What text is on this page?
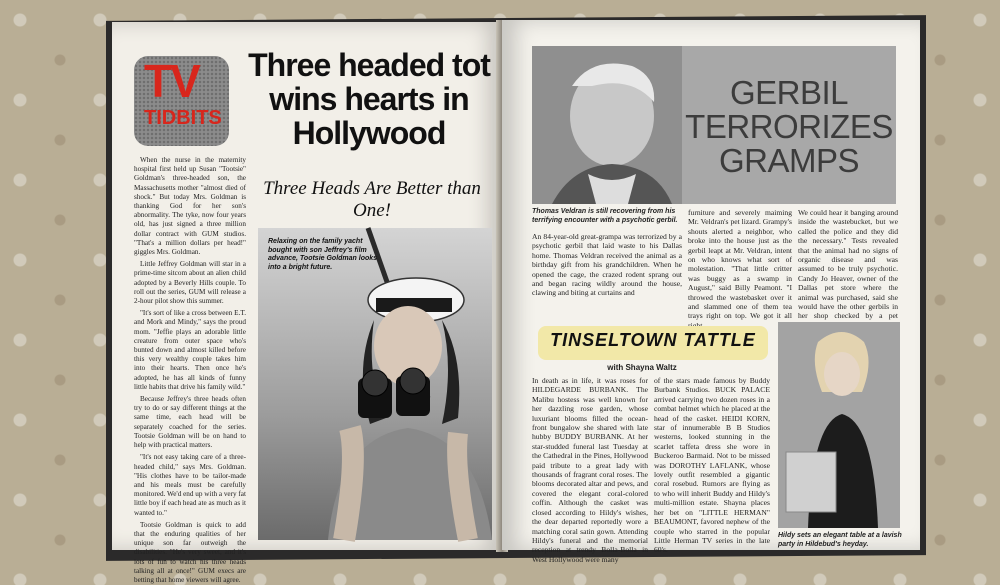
TV
TIDBITS
Three headed tot wins hearts in Hollywood
Three Heads Are Better than One!

When the nurse in the maternity hospital first held up Susan "Tootsie" Goldman's three-headed son, the Massachusetts mother "almost died of shock." But today Mrs. Goldman is thanking God for her son's abnormality. The tyke, now four years old, has just signed a three million dollar contract with GUM studios. "That's a million dollars per head!" giggles Mrs. Goldman.

Little Jeffrey Goldman will star in a prime-time sitcom about an alien child adopted by a Beverly Hills couple. To roll out the series, GUM will release a 2-hour pilot show this summer.

"It's sort of like a cross between E.T. and Mork and Mindy," says the proud mom. "Jeffie plays an adorable little creature from outer space who's bunted down and almost killed before this very wealthy couple takes him into their hearts. Then once he's adopted, he has all kinds of funny little habits that drive his family wild."

Because Jeffrey's three heads often try to do or say different things at the same time, each head will be separately coached for the series. Tootsie Goldman will be on hand to help with practical matters.

"It's not easy taking care of a three-headed child," says Mrs. Goldman. "His clothes have to be tailor-made and his meals must be carefully monitored. We'd end up with a very fat little boy if each head ate as much as it wanted to."

Tootsie Goldman is quick to add that the enduring qualities of her unique son far outweigh the disabilities. "He's very sweet, and it's lots of fun to watch his three heads talking all at once!" GUM execs are betting that home viewers will agree.

Relaxing on the family yacht bought with son Jeffrey's film advance, Tootsie Goldman looks into a bright future.
GERBIL TERRORIZES GRAMPS
Thomas Veldran is still recovering from his terrifying encounter with a psychotic gerbil.
An 84-year-old great-grampa was terrorized by a psychotic gerbil that laid waste to his Dallas home. Thomas Veldran received the animal as a birthday gift from his grandchildren. When he opened the cage, the crazed rodent sprang out and began racing wildly around the house, clawing and biting at curtains and
furniture and severely maiming Mr. Veldran's pet lizard. Grampy's shouts alerted a neighbor, who broke into the house just as the gerbil leapt at Mr. Veldran, intent on who knows what sort of molestation. "That little critter was buggy as a swamp in August," said Billy Peamont. "I throwed the wastebasket over it and slammed one of them tea trays right on top. We got it all
We could hear it banging around inside the wastebucket, but we called the police and they did the necessary." Tests revealed that the animal had no signs of organic disease and was assumed to be truly psychotic. Candy Jo Heaver, owner of the Dallas pet store where the animal was purchased, said she would have the other gerbils in her shop checked by a pet
TINSELTOWN TATTLE
with Shayna Waltz
In death as in life, it was roses for HILDEGARDE BURBANK. The Malibu hostess was well known for her dazzling rose garden, whose luxuriant blooms filled the ocean-front bungalow she shared with late hubby BUDDY BURBANK. At her star-studded funeral last Tuesday at the Cathedral in the Pines, Hollywood paid tribute to a great lady with thousands of fragrant coral roses. The blooms decorated altar and pews, and covered the elegant coral-colored coffin. Although the casket was closed according to Hildy's wishes, the dear departed reportedly wore a matching coral satin gown. Attending Hildy's funeral and the memorial reception at trendy Bolla-Bolla in West Hollywood were many
of the stars made famous by Buddy Burbank Studios. BUCK PALACE arrived carrying two dozen roses in a combat helmet which he placed at the head of the casket. HEIDI KORN, star of innumerable B B Studios westerns, looked stunning in the scarlet taffeta dress she wore in Buckeroo Barmaid. Not to be missed was DOROTHY LAFLANK, whose lovely outfit resembled a gigantic coral rosebud. Rumors are flying as to who will inherit Buddy and Hildy's multi-million estate. Shayna places her bet on "LITTLE HERMAN" BEAUMONT, favored nephew of the couple who starred in the popular Little Herman TV series in the late 60's.
Hildy sets an elegant table at a lavish party in Hildebud's heyday.
